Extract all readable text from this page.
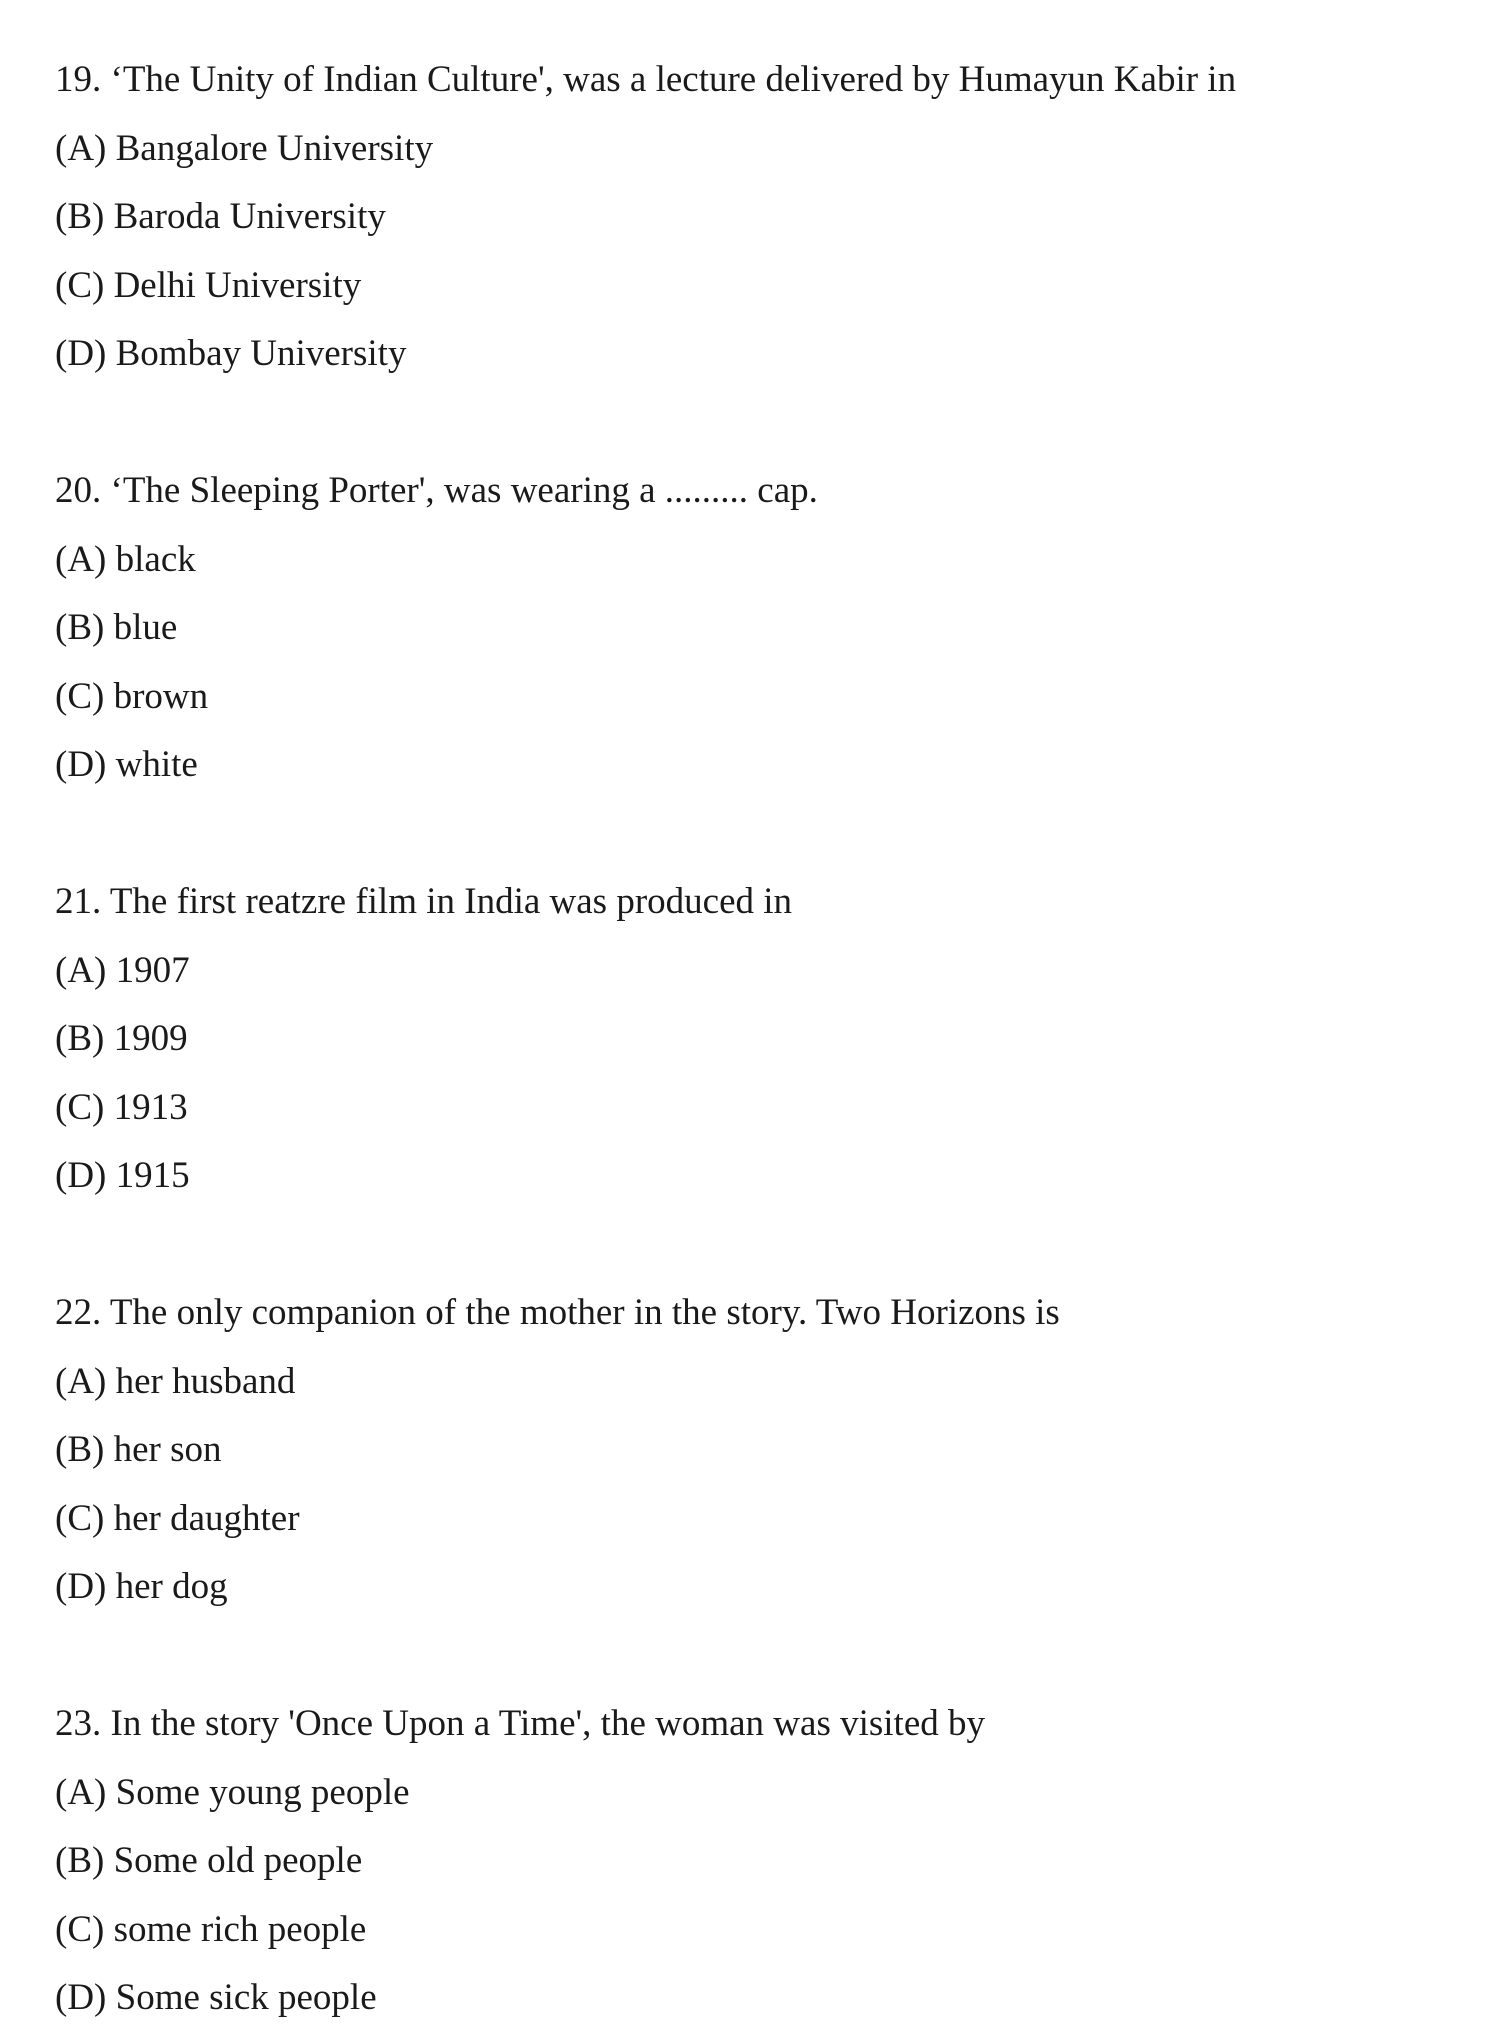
19. ‘The Unity of Indian Culture', was a lecture delivered by Humayun Kabir in
(A) Bangalore University
(B) Baroda University
(C) Delhi University
(D) Bombay University
20. ‘The Sleeping Porter', was wearing a ......... cap.
(A) black
(B) blue
(C) brown
(D) white
21. The first reatzre film in India was produced in
(A) 1907
(B) 1909
(C) 1913
(D) 1915
22. The only companion of the mother in the story. Two Horizons is
(A) her husband
(B) her son
(C) her daughter
(D) her dog
23. In the story 'Once Upon a Time', the woman was visited by
(A) Some young people
(B) Some old people
(C) some rich people
(D) Some sick people
